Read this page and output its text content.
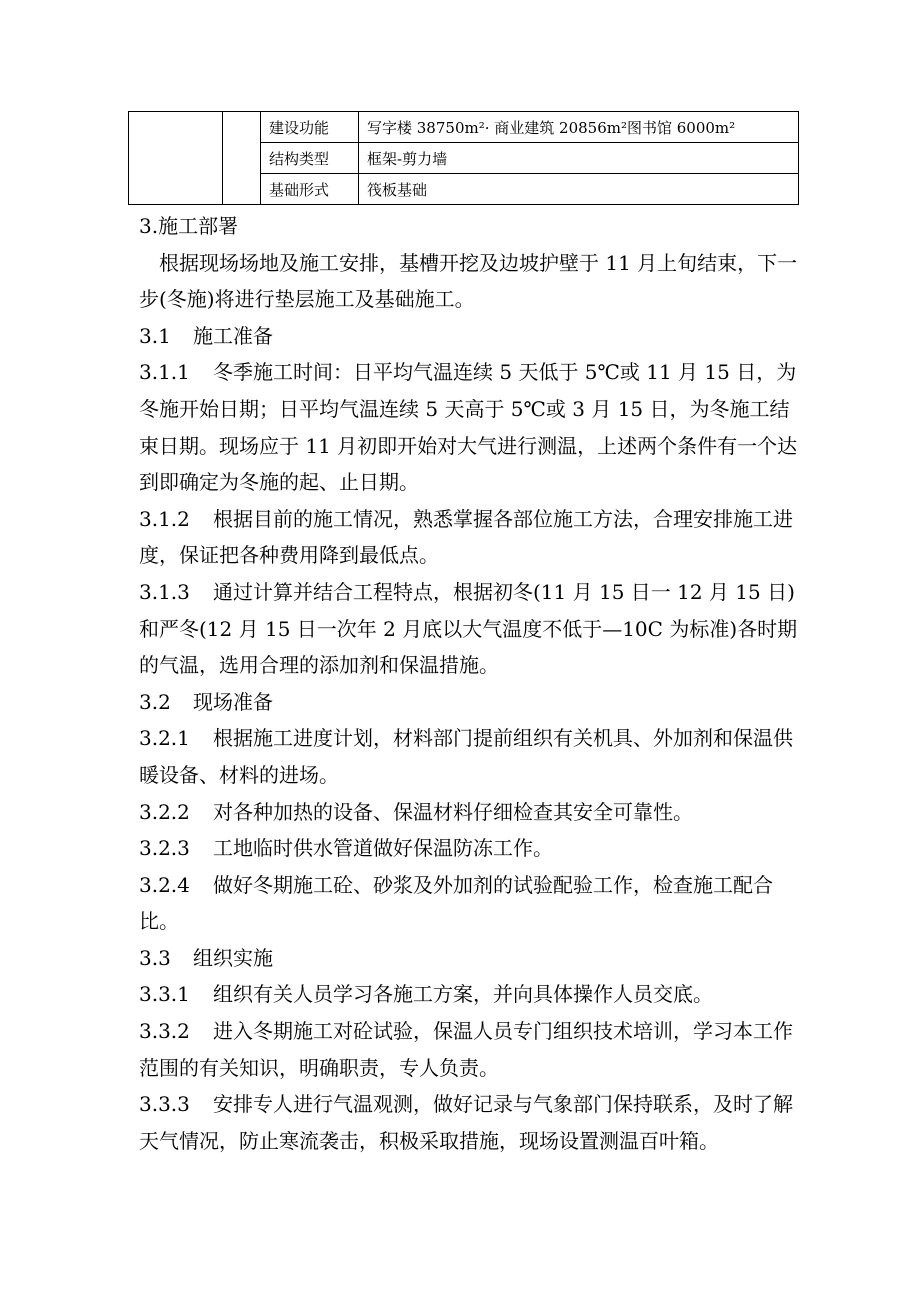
		建设功能	写字楼 38750m²· 商业建筑 20856m²图书馆 6000m²
		结构类型	框架-剪力墙
		基础形式	筏板基础

3.施工部署

根据现场场地及施工安排，基槽开挖及边坡护壁于 11 月上旬结束，下一步(冬施)将进行垫层施工及基础施工。

3.1 施工准备

3.1.1 冬季施工时间：日平均气温连续 5 天低于 5℃或 11 月 15 日，为冬施开始日期；日平均气温连续 5 天高于 5℃或 3 月 15 日，为冬施工结束日期。现场应于 11 月初即开始对大气进行测温，上述两个条件有一个达到即确定为冬施的起、止日期。

3.1.2 根据目前的施工情况，熟悉掌握各部位施工方法，合理安排施工进度，保证把各种费用降到最低点。

3.1.3 通过计算并结合工程特点，根据初冬(11 月 15 日一 12 月 15 日)和严冬(12 月 15 日一次年 2 月底以大气温度不低于—10C 为标准)各时期的气温，选用合理的添加剂和保温措施。

3.2 现场准备

3.2.1 根据施工进度计划，材料部门提前组织有关机具、外加剂和保温供暖设备、材料的进场。

3.2.2 对各种加热的设备、保温材料仔细检查其安全可靠性。

3.2.3 工地临时供水管道做好保温防冻工作。

3.2.4 做好冬期施工砼、砂浆及外加剂的试验配验工作，检查施工配合比。

3.3 组织实施

3.3.1 组织有关人员学习各施工方案，并向具体操作人员交底。

3.3.2 进入冬期施工对砼试验，保温人员专门组织技术培训，学习本工作范围的有关知识，明确职责，专人负责。

3.3.3 安排专人进行气温观测，做好记录与气象部门保持联系，及时了解天气情况，防止寒流袭击，积极采取措施，现场设置测温百叶箱。
